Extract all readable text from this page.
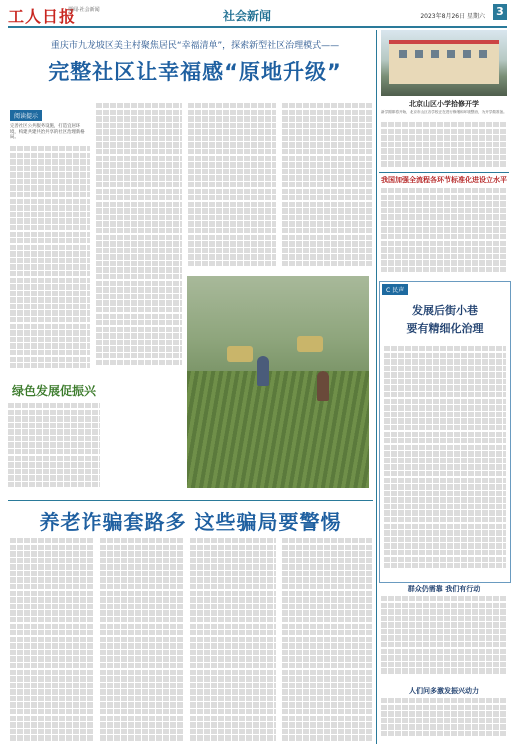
工人日报
要闻·社会新闻	社会新闻	2023年8月26日 星期六 3
重庆市九龙坡区美主村聚焦居民“幸福清单”，探索新型社区治理模式——
完整社区让幸福感“原地升级”
阅读提示
完善社区公共服务设施，打造宜居环境，构建共建共治共享的社区治理新格局。
北京山区小学拾修开学
新学期即将开始，北京市山区各学校正在进行修缮和环境整治，为开学做准备。
我国加强全流程各环节标准化进设立水平
绿色发展促振兴
C 民声
发展后街小巷
要有精细化治理
群众仍需靠 我们有行动
人们问多激发振兴动力
养老诈骗套路多 这些骗局要警惕
